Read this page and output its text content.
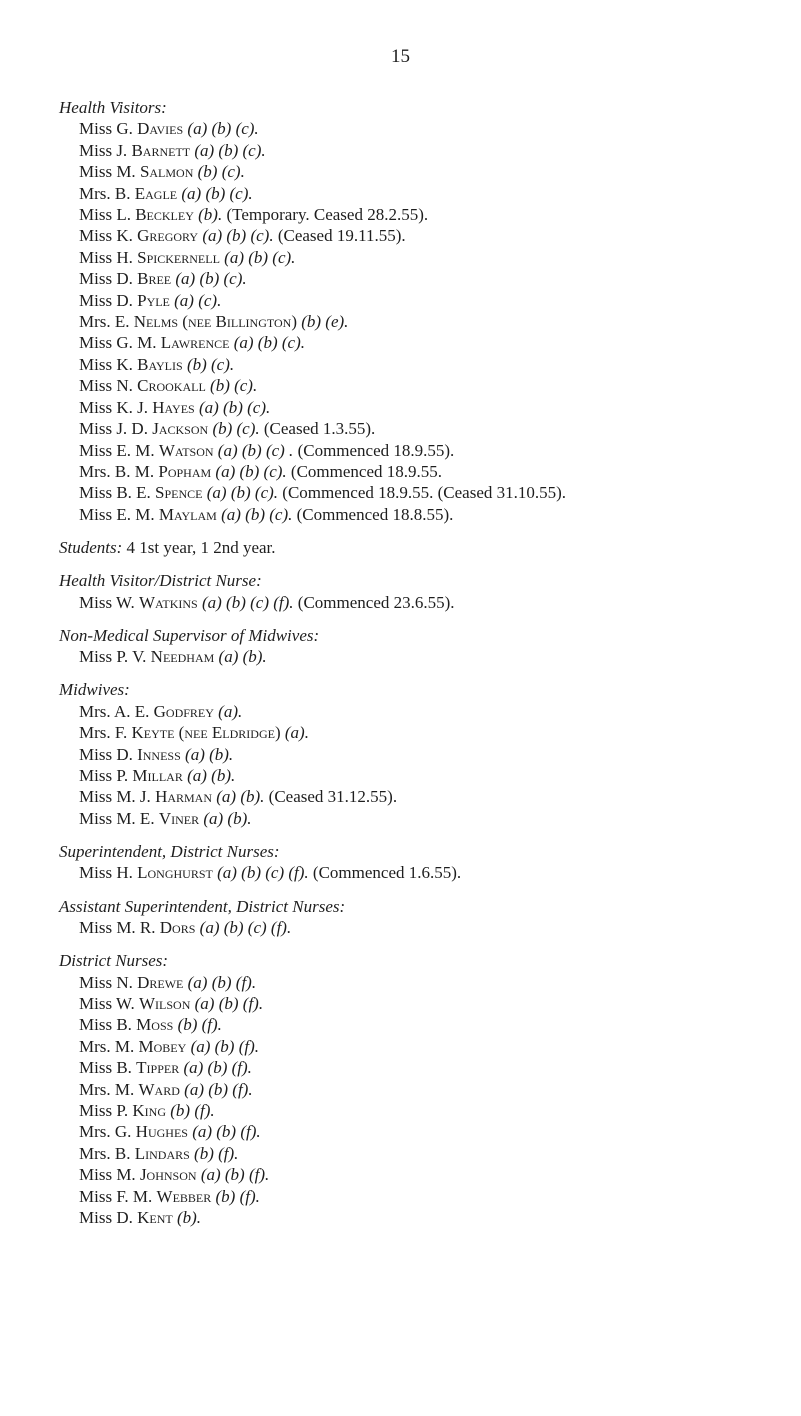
15
Health Visitors:
Miss G. Davies (a) (b) (c).
Miss J. Barnett (a) (b) (c).
Miss M. Salmon (b) (c).
Mrs. B. Eagle (a) (b) (c).
Miss L. Beckley (b). (Temporary. Ceased 28.2.55).
Miss K. Gregory (a) (b) (c). (Ceased 19.11.55).
Miss H. Spickernell (a) (b) (c).
Miss D. Bree (a) (b) (c).
Miss D. Pyle (a) (c).
Mrs. E. Nelms (nee Billington) (b) (e).
Miss G. M. Lawrence (a) (b) (c).
Miss K. Baylis (b) (c).
Miss N. Crookall (b) (c).
Miss K. J. Hayes (a) (b) (c).
Miss J. D. Jackson (b) (c). (Ceased 1.3.55).
Miss E. M. Watson (a) (b) (c) . (Commenced 18.9.55).
Mrs. B. M. Popham (a) (b) (c). (Commenced 18.9.55.
Miss B. E. Spence (a) (b) (c). (Commenced 18.9.55. (Ceased 31.10.55).
Miss E. M. Maylam (a) (b) (c). (Commenced 18.8.55).
Students: 4 1st year, 1 2nd year.
Health Visitor/District Nurse:
Miss W. Watkins (a) (b) (c) (f). (Commenced 23.6.55).
Non-Medical Supervisor of Midwives:
Miss P. V. Needham (a) (b).
Midwives:
Mrs. A. E. Godfrey (a).
Mrs. F. Keyte (nee Eldridge) (a).
Miss D. Inness (a) (b).
Miss P. Millar (a) (b).
Miss M. J. Harman (a) (b). (Ceased 31.12.55).
Miss M. E. Viner (a) (b).
Superintendent, District Nurses:
Miss H. Longhurst (a) (b) (c) (f). (Commenced 1.6.55).
Assistant Superintendent, District Nurses:
Miss M. R. Dors (a) (b) (c) (f).
District Nurses:
Miss N. Drewe (a) (b) (f).
Miss W. Wilson (a) (b) (f).
Miss B. Moss (b) (f).
Mrs. M. Mobey (a) (b) (f).
Miss B. Tipper (a) (b) (f).
Mrs. M. Ward (a) (b) (f).
Miss P. King (b) (f).
Mrs. G. Hughes (a) (b) (f).
Mrs. B. Lindars (b) (f).
Miss M. Johnson (a) (b) (f).
Miss F. M. Webber (b) (f).
Miss D. Kent (b).
